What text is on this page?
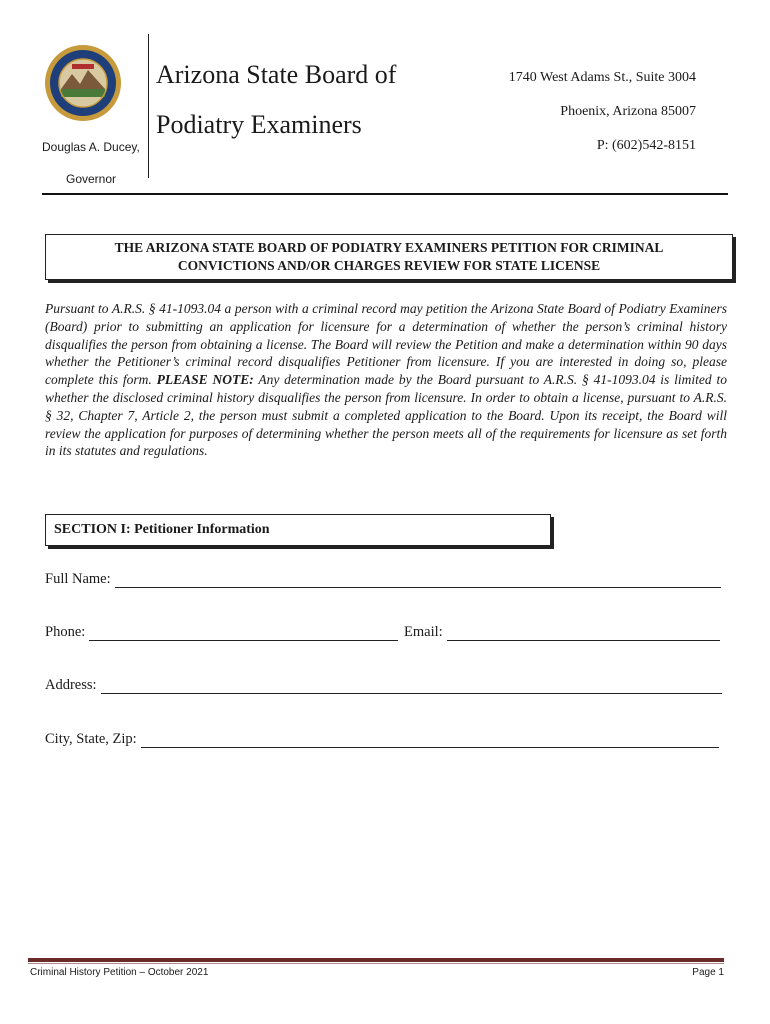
Arizona State Board of
Podiatry Examiners
Douglas A. Ducey,
Governor
1740 West Adams St., Suite 3004
Phoenix, Arizona 85007
P: (602)542-8151
THE ARIZONA STATE BOARD OF PODIATRY EXAMINERS PETITION FOR CRIMINAL
CONVICTIONS AND/OR CHARGES REVIEW FOR STATE LICENSE
Pursuant to A.R.S. § 41-1093.04 a person with a criminal record may petition the Arizona State Board of Podiatry Examiners (Board) prior to submitting an application for licensure for a determination of whether the person’s criminal history disqualifies the person from obtaining a license. The Board will review the Petition and make a determination within 90 days whether the Petitioner’s criminal record disqualifies Petitioner from licensure. If you are interested in doing so, please complete this form. PLEASE NOTE: Any determination made by the Board pursuant to A.R.S. § 41-1093.04 is limited to whether the disclosed criminal history disqualifies the person from licensure. In order to obtain a license, pursuant to A.R.S. § 32, Chapter 7, Article 2, the person must submit a completed application to the Board. Upon its receipt, the Board will review the application for purposes of determining whether the person meets all of the requirements for licensure as set forth in its statutes and regulations.
SECTION I: Petitioner Information
Full Name:
Phone:	Email:
Address:
City, State, Zip:
Criminal History Petition – October 2021	Page 1
